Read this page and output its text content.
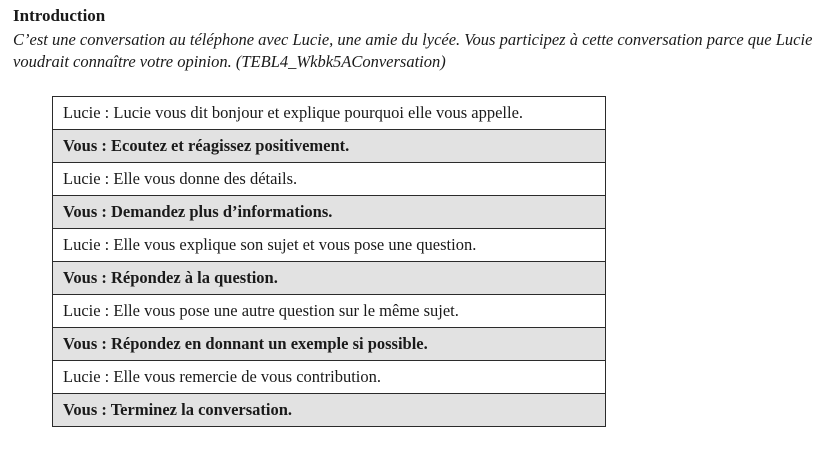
Introduction

C’est une conversation au téléphone avec Lucie, une amie du lycée. Vous participez à cette conversation parce que Lucie voudrait connaître votre opinion. (TEBL4_Wkbk5AConversation)

Lucie : Lucie vous dit bonjour et explique pourquoi elle vous appelle.
Vous : Ecoutez et réagissez positivement.
Lucie : Elle vous donne des détails.
Vous : Demandez plus d’informations.
Lucie : Elle vous explique son sujet et vous pose une question.
Vous : Répondez à la question.
Lucie : Elle vous pose une autre question sur le même sujet.
Vous : Répondez en donnant un exemple si possible.
Lucie : Elle vous remercie de vous contribution.
Vous : Terminez la conversation.
